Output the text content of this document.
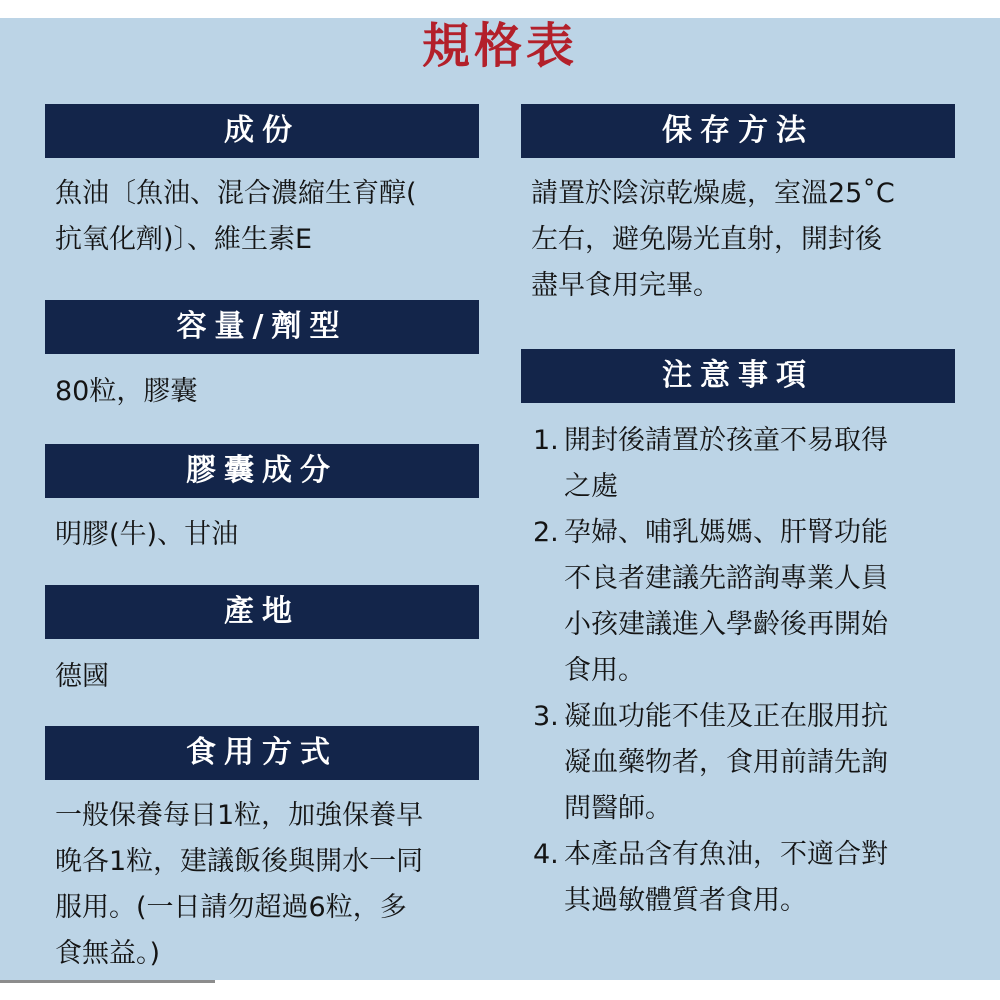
規格表
成份
魚油〔魚油、混合濃縮生育醇(
抗氧化劑)〕、維生素E
容量/劑型
80粒，膠囊
膠囊成分
明膠(牛)、甘油
產地
德國
食用方式
一般保養每日1粒，加強保養早
晚各1粒，建議飯後與開水一同
服用。(一日請勿超過6粒，多
食無益。)
保存方法
請置於陰涼乾燥處，室溫25˚C
左右，避免陽光直射，開封後
盡早食用完畢。
注意事項
1. 開封後請置於孩童不易取得
之處
2. 孕婦、哺乳媽媽、肝腎功能
不良者建議先諮詢專業人員
小孩建議進入學齡後再開始
食用。
3. 凝血功能不佳及正在服用抗
凝血藥物者，食用前請先詢
問醫師。
4. 本產品含有魚油，不適合對
其過敏體質者食用。
